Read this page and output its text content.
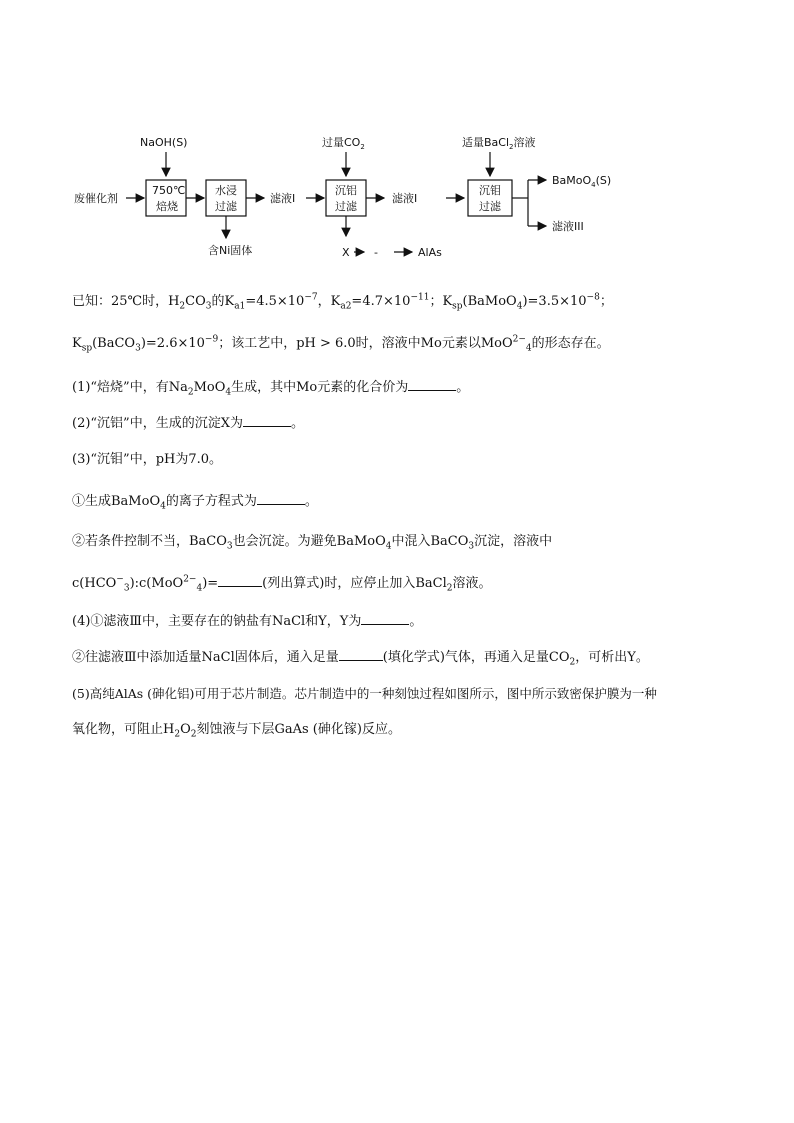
NaOH(S)
废催化剂
750℃
焙烧
水浸
过滤
含Ni固体
滤液I
过量$CO_2$
沉铝
过滤
X -	AlAs
滤液I
适量BaCl$_2$溶液
沉钼
过滤
BaMoO$_4$(S)
滤液III
已知：25℃时，$H_2CO_3$的$K_{a1}=4.5\times 10^{-7}$，$K_{a2}=4.7\times 10^{-11}$；$K_{sp}(BaMoO_4)=3.5\times 10^{-8}$；
$K_{sp}(BaCO_3)=2.6\times 10^{-9}$；该工艺中，pH > 6.0时，溶液中Mo元素以MoO$^{2-}_4$的形态存在。
(1)“焙烧”中，有$Na_2MoO_4$生成，其中Mo元素的化合价为	。
(2)“沉铝”中，生成的沉淀X为	。
(3)“沉钼”中，pH为7.0。
①生成BaMoO$_4$的离子方程式为	。
②若条件控制不当，BaCO$_3$也会沉淀。为避免BaMoO$_4$中混入BaCO$_3$沉淀，溶液中
$c(HCO^-_3):c(MoO^{2-}_4)=$	(列出算式)时，应停止加入BaCl$_2$溶液。
(4)①滤液Ⅲ中，主要存在的钠盐有NaCl和Y，Y为	。
②往滤液Ⅲ中添加适量NaCl固体后，通入足量	(填化学式)气体，再通入足量$CO_2$，可析出Y。
(5)高纯AlAs (砷化铝)可用于芯片制造。芯片制造中的一种刻蚀过程如图所示，图中所示致密保护膜为一种
氧化物，可阻止$H_2O_2$刻蚀液与下层GaAs (砷化镓)反应。
